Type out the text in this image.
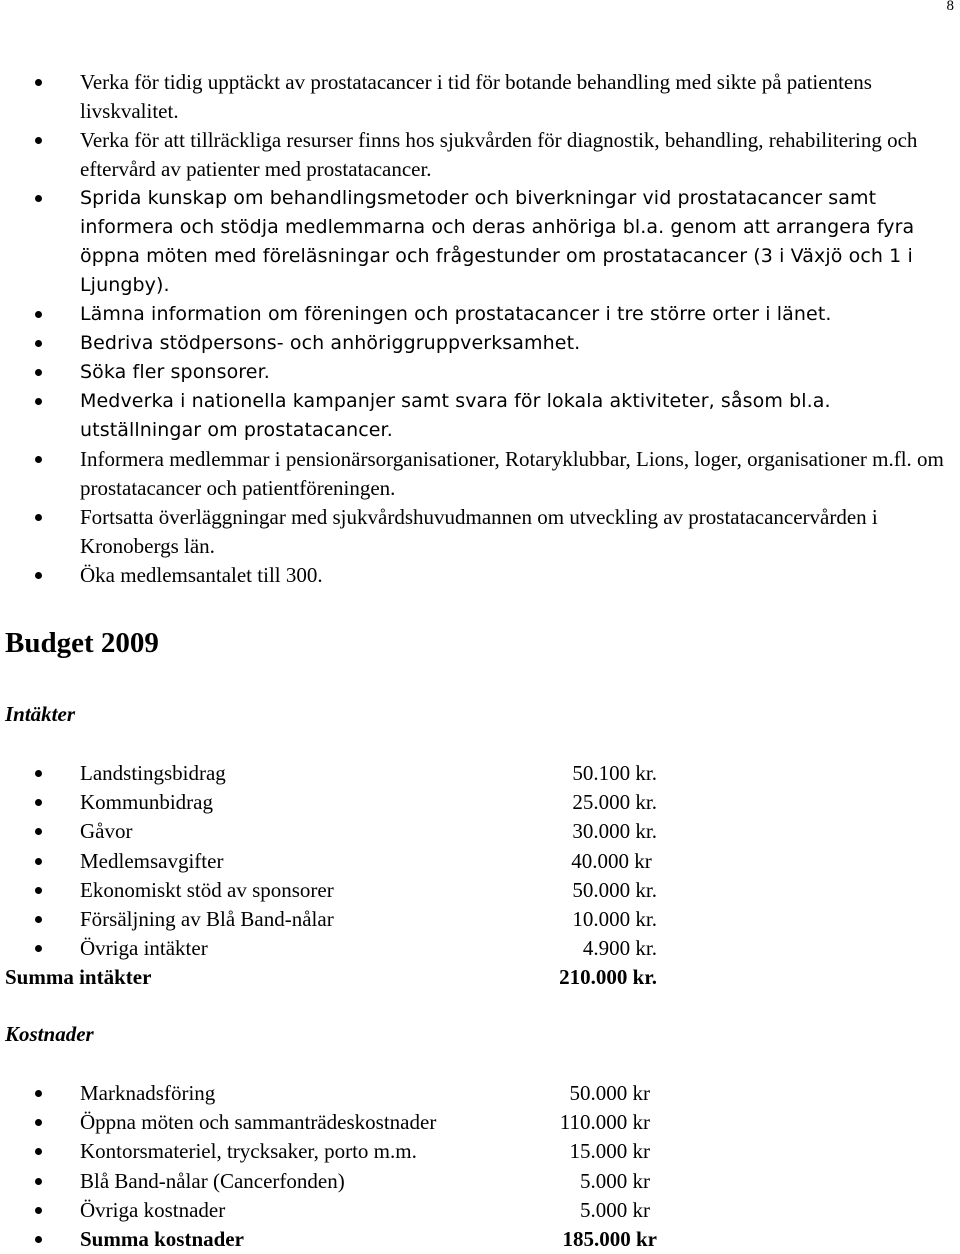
8
Verka för tidig upptäckt av prostatacancer i tid för botande behandling med sikte på patientens livskvalitet.
Verka för att tillräckliga resurser finns hos sjukvården för diagnostik, behandling, rehabilitering och eftervård av patienter med prostatacancer.
Sprida kunskap om behandlingsmetoder och biverkningar vid prostatacancer samt informera och stödja medlemmarna och deras anhöriga bl.a. genom att arrangera fyra öppna möten med föreläsningar och frågestunder om prostatacancer (3 i Växjö och 1 i Ljungby).
Lämna information om föreningen och prostatacancer i tre större orter i länet.
Bedriva stödpersons- och anhöriggruppverksamhet.
Söka fler sponsorer.
Medverka i nationella kampanjer samt svara för lokala aktiviteter, såsom bl.a. utställningar om prostatacancer.
Informera medlemmar i pensionärsorganisationer, Rotaryklubbar, Lions, loger, organisationer m.fl. om prostatacancer och patientföreningen.
Fortsatta överläggningar med sjukvårdshuvudmannen om utveckling av prostatacancervården i Kronobergs län.
Öka medlemsantalet till 300.
Budget 2009
Intäkter
Landstingsbidrag	50.100 kr.
Kommunbidrag	25.000 kr.
Gåvor	30.000 kr.
Medlemsavgifter	40.000 kr
Ekonomiskt stöd av sponsorer	50.000 kr.
Försäljning av Blå Band-nålar	10.000 kr.
Övriga intäkter	4.900 kr.
Summa intäkter	210.000 kr.
Kostnader
Marknadsföring	50.000 kr
Öppna möten och sammanträdeskostnader	110.000 kr
Kontorsmateriel, trycksaker, porto m.m.	15.000 kr
Blå Band-nålar (Cancerfonden)	5.000 kr
Övriga kostnader	5.000 kr
Summa kostnader	185.000 kr
